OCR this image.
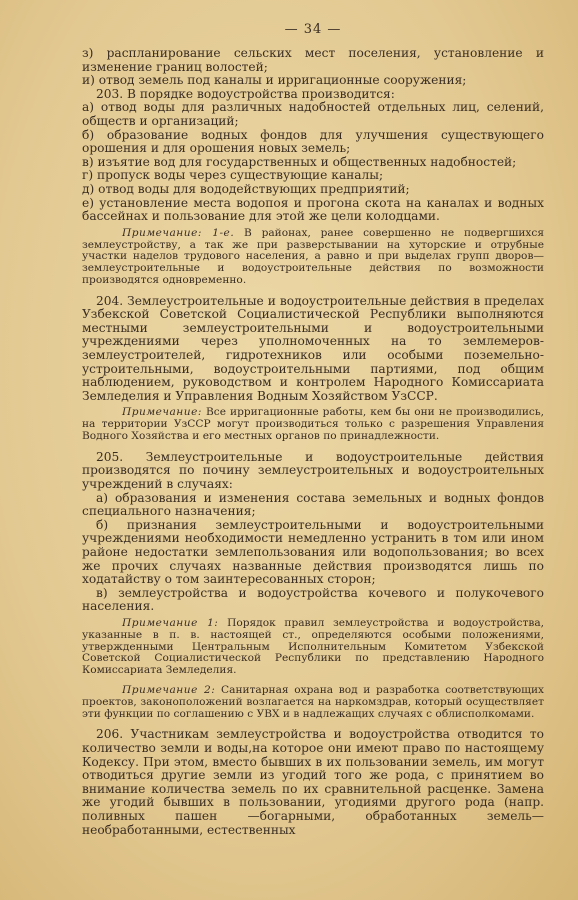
— 34 —

з) распланирование сельских мест поселения, установление и изменение границ волостей;

и) отвод земель под каналы и ирригационные сооружения;

203. В порядке водоустройства производится:

а) отвод воды для различных надобностей отдельных лиц, селений, обществ и организаций;

б) образование водных фондов для улучшения существующего орошения и для орошения новых земель;

в) изъятие вод для государственных и общественных надобностей;

г) пропуск воды через существующие каналы;

д) отвод воды для вододействующих предприятий;

е) установление места водопоя и прогона скота на каналах и водных бассейнах и пользование для этой же цели колодцами.

Примечание: 1-е. В районах, ранее совершенно не подвергшихся землеустройству, а так же при разверстывании на хуторские и отрубные участки наделов трудового населения, а равно и при выделах групп дворов—землеустроительные и водоустроительные действия по возможности производятся одновременно.

204. Землеустроительные и водоустроительные действия в пределах Узбекской Советской Социалистической Республики выполняются местными землеустроительными и водоустроительными учреждениями через уполномоченных на то землемеров-землеустроителей, гидротехников или особыми поземельно-устроительными, водоустроительными партиями, под общим наблюдением, руководством и контролем Народного Комиссариата Земледелия и Управления Водным Хозяйством УзССР.

Примечание: Все ирригационные работы, кем бы они не производились, на территории УзССР могут производиться только с разрешения Управления Водного Хозяйства и его местных органов по принадлежности.

205. Землеустроительные и водоустроительные действия производятся по почину землеустроительных и водоустроительных учреждений в случаях:

а) образования и изменения состава земельных и водных фондов специального назначения;

б) признания землеустроительными и водоустроительными учреждениями необходимости немедленно устранить в том или ином районе недостатки землепользования или водопользования; во всех же прочих случаях названные действия производятся лишь по ходатайству о том заинтересованных сторон;

в) землеустройства и водоустройства кочевого и полукочевого населения.

Примечание 1: Порядок правил землеустройства и водоустройства, указанные в п. в. настоящей ст., определяются особыми положениями, утвержденными Центральным Исполнительным Комитетом Узбекской Советской Социалистической Республики по представлению Народного Комиссариата Земледелия.

Примечание 2: Санитарная охрана вод и разработка соответствующих проектов, законоположений возлагается на наркомздрав, который осуществляет эти функции по соглашению с УВХ и в надлежащих случаях с облисполкомами.

206. Участникам землеустройства и водоустройства отводится то количество земли и воды,на которое они имеют право по настоящему Кодексу. При этом, вместо бывших в их пользовании земель, им могут отводиться другие земли из угодий того же рода, с принятием во внимание количества земель по их сравнительной расценке. Замена же угодий бывших в пользовании, угодиями другого рода (напр. поливных пашен —богарными, обработанных земель—необработанными, естественных
